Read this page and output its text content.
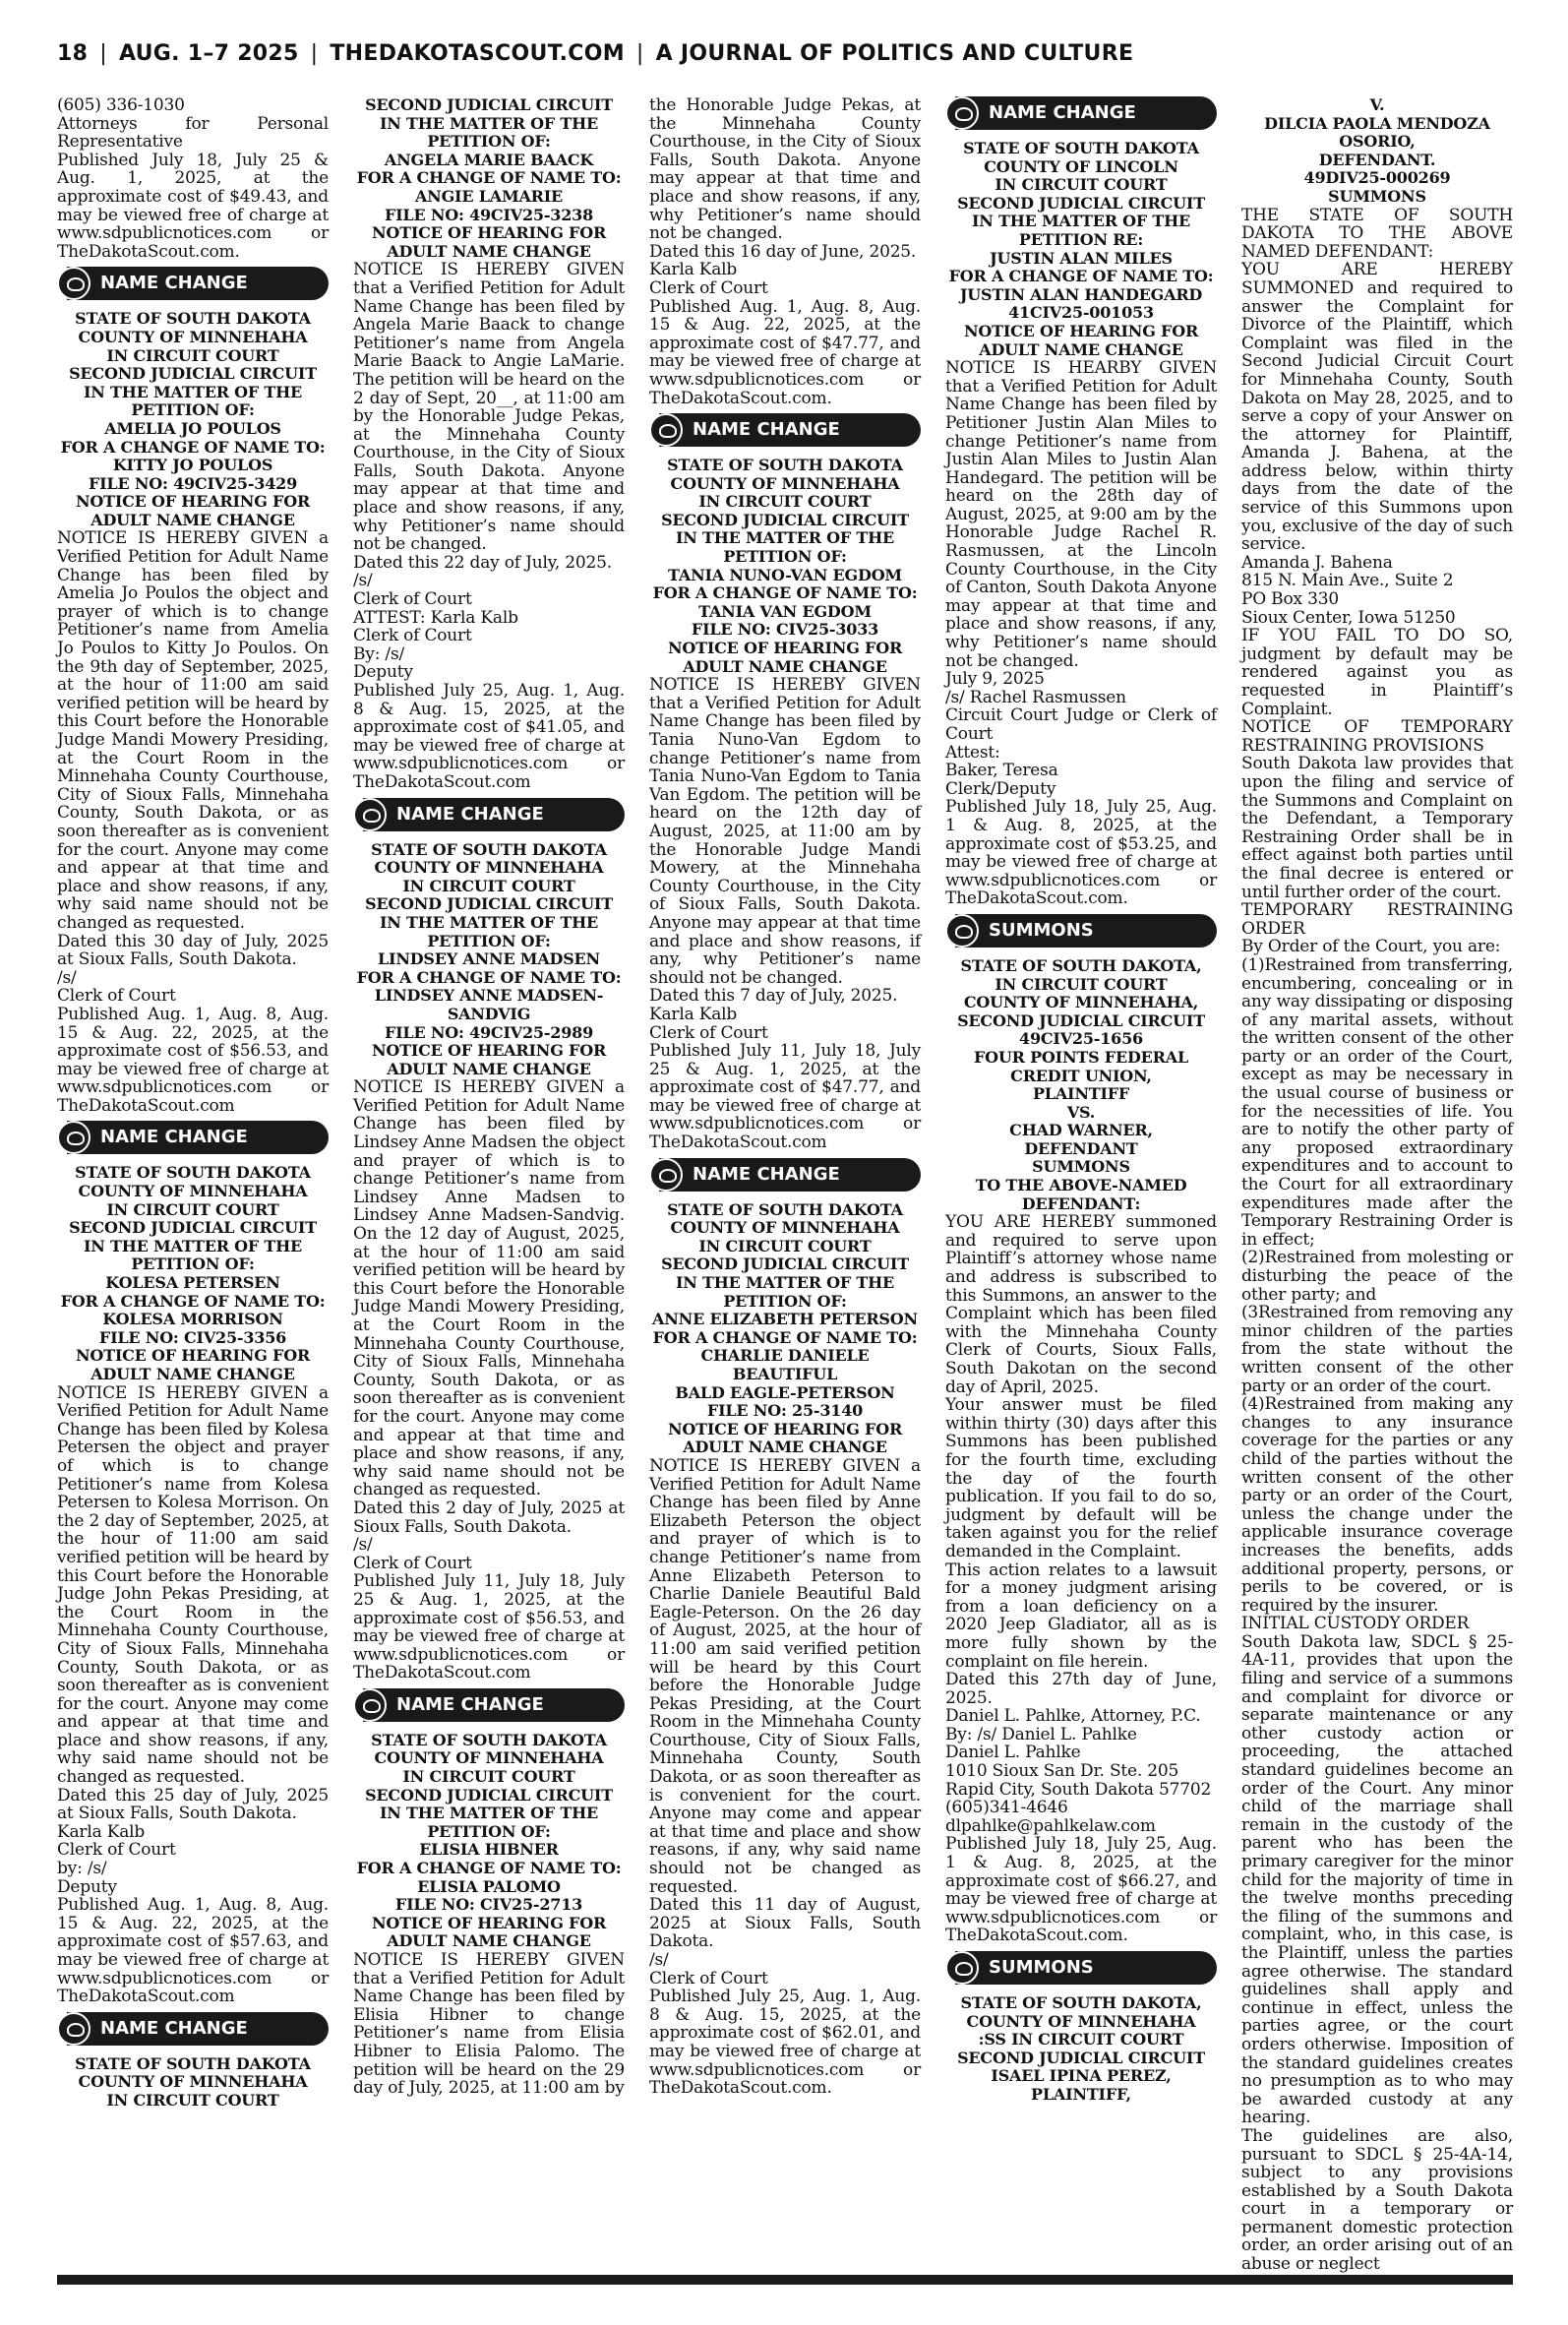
18 | AUG. 1–7 2025 | THEDAKOTASCOUT.COM | A JOURNAL OF POLITICS AND CULTURE

(605) 336-1030
Attorneys for Personal Representative
Published July 18, July 25 & Aug. 1, 2025, at the approximate cost of $49.43, and may be viewed free of charge at www.sdpublicnotices.com or TheDakotaScout.com.

NAME CHANGE

STATE OF SOUTH DAKOTA
COUNTY OF MINNEHAHA
IN CIRCUIT COURT
SECOND JUDICIAL CIRCUIT
IN THE MATTER OF THE PETITION OF:
AMELIA JO POULOS
FOR A CHANGE OF NAME TO:
KITTY JO POULOS
FILE NO: 49CIV25-3429
NOTICE OF HEARING FOR ADULT NAME CHANGE

NOTICE IS HEREBY GIVEN a Verified Petition for Adult Name Change has been filed by Amelia Jo Poulos the object and prayer of which is to change Petitioner’s name from Amelia Jo Poulos to Kitty Jo Poulos. On the 9th day of September, 2025, at the hour of 11:00 am said verified petition will be heard by this Court before the Honorable Judge Mandi Mowery Presiding, at the Court Room in the Minnehaha County Courthouse, City of Sioux Falls, Minnehaha County, South Dakota, or as soon thereafter as is convenient for the court. Anyone may come and appear at that time and place and show reasons, if any, why said name should not be changed as requested.
Dated this 30 day of July, 2025 at Sioux Falls, South Dakota.
/s/
Clerk of Court
Published Aug. 1, Aug. 8, Aug. 15 & Aug. 22, 2025, at the approximate cost of $56.53, and may be viewed free of charge at www.sdpublicnotices.com or TheDakotaScout.com

NAME CHANGE

STATE OF SOUTH DAKOTA
COUNTY OF MINNEHAHA
IN CIRCUIT COURT
SECOND JUDICIAL CIRCUIT
IN THE MATTER OF THE PETITION OF:
KOLESA PETERSEN
FOR A CHANGE OF NAME TO:
KOLESA MORRISON
FILE NO: CIV25-3356
NOTICE OF HEARING FOR ADULT NAME CHANGE

NOTICE IS HEREBY GIVEN a Verified Petition for Adult Name Change has been filed by Kolesa Petersen the object and prayer of which is to change Petitioner’s name from Kolesa Petersen to Kolesa Morrison. On the 2 day of September, 2025, at the hour of 11:00 am said verified petition will be heard by this Court before the Honorable Judge John Pekas Presiding, at the Court Room in the Minnehaha County Courthouse, City of Sioux Falls, Minnehaha County, South Dakota, or as soon thereafter as is convenient for the court. Anyone may come and appear at that time and place and show reasons, if any, why said name should not be changed as requested.
Dated this 25 day of July, 2025 at Sioux Falls, South Dakota.
Karla Kalb
Clerk of Court
by: /s/
Deputy
Published Aug. 1, Aug. 8, Aug. 15 & Aug. 22, 2025, at the approximate cost of $57.63, and may be viewed free of charge at www.sdpublicnotices.com or TheDakotaScout.com

NAME CHANGE

STATE OF SOUTH DAKOTA
COUNTY OF MINNEHAHA
IN CIRCUIT COURT

SECOND JUDICIAL CIRCUIT
IN THE MATTER OF THE PETITION OF:
ANGELA MARIE BAACK
FOR A CHANGE OF NAME TO:
ANGIE LAMARIE
FILE NO: 49CIV25-3238
NOTICE OF HEARING FOR ADULT NAME CHANGE

NOTICE IS HEREBY GIVEN that a Verified Petition for Adult Name Change has been filed by Angela Marie Baack to change Petitioner’s name from Angela Marie Baack to Angie LaMarie. The petition will be heard on the 2 day of Sept, 20__, at 11:00 am by the Honorable Judge Pekas, at the Minnehaha County Courthouse, in the City of Sioux Falls, South Dakota. Anyone may appear at that time and place and show reasons, if any, why Petitioner’s name should not be changed.
Dated this 22 day of July, 2025.
/s/
Clerk of Court
ATTEST: Karla Kalb
Clerk of Court
By: /s/
Deputy
Published July 25, Aug. 1, Aug. 8 & Aug. 15, 2025, at the approximate cost of $41.05, and may be viewed free of charge at www.sdpublicnotices.com or TheDakotaScout.com

NAME CHANGE

STATE OF SOUTH DAKOTA
COUNTY OF MINNEHAHA
IN CIRCUIT COURT
SECOND JUDICIAL CIRCUIT
IN THE MATTER OF THE PETITION OF:
LINDSEY ANNE MADSEN
FOR A CHANGE OF NAME TO:
LINDSEY ANNE MADSEN-SANDVIG
FILE NO: 49CIV25-2989
NOTICE OF HEARING FOR ADULT NAME CHANGE

NOTICE IS HEREBY GIVEN a Verified Petition for Adult Name Change has been filed by Lindsey Anne Madsen the object and prayer of which is to change Petitioner’s name from Lindsey Anne Madsen to Lindsey Anne Madsen-Sandvig. On the 12 day of August, 2025, at the hour of 11:00 am said verified petition will be heard by this Court before the Honorable Judge Mandi Mowery Presiding, at the Court Room in the Minnehaha County Courthouse, City of Sioux Falls, Minnehaha County, South Dakota, or as soon thereafter as is convenient for the court. Anyone may come and appear at that time and place and show reasons, if any, why said name should not be changed as requested.
Dated this 2 day of July, 2025 at Sioux Falls, South Dakota.
/s/
Clerk of Court
Published July 11, July 18, July 25 & Aug. 1, 2025, at the approximate cost of $56.53, and may be viewed free of charge at www.sdpublicnotices.com or TheDakotaScout.com

NAME CHANGE

STATE OF SOUTH DAKOTA
COUNTY OF MINNEHAHA
IN CIRCUIT COURT
SECOND JUDICIAL CIRCUIT
IN THE MATTER OF THE PETITION OF:
ELISIA HIBNER
FOR A CHANGE OF NAME TO:
ELISIA PALOMO
FILE NO: CIV25-2713
NOTICE OF HEARING FOR ADULT NAME CHANGE

NOTICE IS HEREBY GIVEN that a Verified Petition for Adult Name Change has been filed by Elisia Hibner to change Petitioner’s name from Elisia Hibner to Elisia Palomo. The petition will be heard on the 29 day of July, 2025, at 11:00 am by

the Honorable Judge Pekas, at the Minnehaha County Courthouse, in the City of Sioux Falls, South Dakota. Anyone may appear at that time and place and show reasons, if any, why Petitioner’s name should not be changed.
Dated this 16 day of June, 2025.
Karla Kalb
Clerk of Court
Published Aug. 1, Aug. 8, Aug. 15 & Aug. 22, 2025, at the approximate cost of $47.77, and may be viewed free of charge at www.sdpublicnotices.com or TheDakotaScout.com.

NAME CHANGE

STATE OF SOUTH DAKOTA
COUNTY OF MINNEHAHA
IN CIRCUIT COURT
SECOND JUDICIAL CIRCUIT
IN THE MATTER OF THE PETITION OF:
TANIA NUNO-VAN EGDOM
FOR A CHANGE OF NAME TO:
TANIA VAN EGDOM
FILE NO: CIV25-3033
NOTICE OF HEARING FOR ADULT NAME CHANGE

NOTICE IS HEREBY GIVEN that a Verified Petition for Adult Name Change has been filed by Tania Nuno-Van Egdom to change Petitioner’s name from Tania Nuno-Van Egdom to Tania Van Egdom. The petition will be heard on the 12th day of August, 2025, at 11:00 am by the Honorable Judge Mandi Mowery, at the Minnehaha County Courthouse, in the City of Sioux Falls, South Dakota. Anyone may appear at that time and place and show reasons, if any, why Petitioner’s name should not be changed.
Dated this 7 day of July, 2025.
Karla Kalb
Clerk of Court
Published July 11, July 18, July 25 & Aug. 1, 2025, at the approximate cost of $47.77, and may be viewed free of charge at www.sdpublicnotices.com or TheDakotaScout.com

NAME CHANGE

STATE OF SOUTH DAKOTA
COUNTY OF MINNEHAHA
IN CIRCUIT COURT
SECOND JUDICIAL CIRCUIT
IN THE MATTER OF THE PETITION OF:
ANNE ELIZABETH PETERSON
FOR A CHANGE OF NAME TO:
CHARLIE DANIELE BEAUTIFUL
BALD EAGLE-PETERSON
FILE NO: 25-3140
NOTICE OF HEARING FOR ADULT NAME CHANGE

NOTICE IS HEREBY GIVEN a Verified Petition for Adult Name Change has been filed by Anne Elizabeth Peterson the object and prayer of which is to change Petitioner’s name from Anne Elizabeth Peterson to Charlie Daniele Beautiful Bald Eagle-Peterson. On the 26 day of August, 2025, at the hour of 11:00 am said verified petition will be heard by this Court before the Honorable Judge Pekas Presiding, at the Court Room in the Minnehaha County Courthouse, City of Sioux Falls, Minnehaha County, South Dakota, or as soon thereafter as is convenient for the court. Anyone may come and appear at that time and place and show reasons, if any, why said name should not be changed as requested.
Dated this 11 day of August, 2025 at Sioux Falls, South Dakota.
/s/
Clerk of Court
Published July 25, Aug. 1, Aug. 8 & Aug. 15, 2025, at the approximate cost of $62.01, and may be viewed free of charge at www.sdpublicnotices.com or TheDakotaScout.com.

NAME CHANGE

STATE OF SOUTH DAKOTA
COUNTY OF LINCOLN
IN CIRCUIT COURT
SECOND JUDICIAL CIRCUIT
IN THE MATTER OF THE PETITION RE:
JUSTIN ALAN MILES
FOR A CHANGE OF NAME TO:
JUSTIN ALAN HANDEGARD
41CIV25-001053
NOTICE OF HEARING FOR ADULT NAME CHANGE

NOTICE IS HEARBY GIVEN that a Verified Petition for Adult Name Change has been filed by Petitioner Justin Alan Miles to change Petitioner’s name from Justin Alan Miles to Justin Alan Handegard. The petition will be heard on the 28th day of August, 2025, at 9:00 am by the Honorable Judge Rachel R. Rasmussen, at the Lincoln County Courthouse, in the City of Canton, South Dakota Anyone may appear at that time and place and show reasons, if any, why Petitioner’s name should not be changed.
July 9, 2025
/s/ Rachel Rasmussen
Circuit Court Judge or Clerk of Court
Attest:
Baker, Teresa
Clerk/Deputy
Published July 18, July 25, Aug. 1 & Aug. 8, 2025, at the approximate cost of $53.25, and may be viewed free of charge at www.sdpublicnotices.com or TheDakotaScout.com.

SUMMONS

STATE OF SOUTH DAKOTA,
IN CIRCUIT COURT
COUNTY OF MINNEHAHA,
SECOND JUDICIAL CIRCUIT
49CIV25-1656
FOUR POINTS FEDERAL CREDIT UNION,
PLAINTIFF
VS.
CHAD WARNER,
DEFENDANT
SUMMONS
TO THE ABOVE-NAMED DEFENDANT:

YOU ARE HEREBY summoned and required to serve upon Plaintiff’s attorney whose name and address is subscribed to this Summons, an answer to the Complaint which has been filed with the Minnehaha County Clerk of Courts, Sioux Falls, South Dakotan on the second day of April, 2025.
Your answer must be filed within thirty (30) days after this Summons has been published for the fourth time, excluding the day of the fourth publication. If you fail to do so, judgment by default will be taken against you for the relief demanded in the Complaint.
This action relates to a lawsuit for a money judgment arising from a loan deficiency on a 2020 Jeep Gladiator, all as is more fully shown by the complaint on file herein.
Dated this 27th day of June, 2025.
Daniel L. Pahlke, Attorney, P.C.
By: /s/ Daniel L. Pahlke
Daniel L. Pahlke
1010 Sioux San Dr. Ste. 205
Rapid City, South Dakota 57702
(605)341-4646
dlpahlke@pahlkelaw.com
Published July 18, July 25, Aug. 1 & Aug. 8, 2025, at the approximate cost of $66.27, and may be viewed free of charge at www.sdpublicnotices.com or TheDakotaScout.com.

SUMMONS

STATE OF SOUTH DAKOTA,
COUNTY OF MINNEHAHA
:SS IN CIRCUIT COURT
SECOND JUDICIAL CIRCUIT
ISAEL IPINA PEREZ,
PLAINTIFF,

V.
DILCIA PAOLA MENDOZA OSORIO,
DEFENDANT.
49DIV25-000269
SUMMONS

THE STATE OF SOUTH DAKOTA TO THE ABOVE NAMED DEFENDANT:
YOU ARE HEREBY SUMMONED and required to answer the Complaint for Divorce of the Plaintiff, which Complaint was filed in the Second Judicial Circuit Court for Minnehaha County, South Dakota on May 28, 2025, and to serve a copy of your Answer on the attorney for Plaintiff, Amanda J. Bahena, at the address below, within thirty days from the date of the service of this Summons upon you, exclusive of the day of such service.
Amanda J. Bahena
815 N. Main Ave., Suite 2
PO Box 330
Sioux Center, Iowa 51250
IF YOU FAIL TO DO SO, judgment by default may be rendered against you as requested in Plaintiff’s Complaint.
NOTICE OF TEMPORARY RESTRAINING PROVISIONS
South Dakota law provides that upon the filing and service of the Summons and Complaint on the Defendant, a Temporary Restraining Order shall be in effect against both parties until the final decree is entered or until further order of the court.
TEMPORARY RESTRAINING ORDER
By Order of the Court, you are:
(1)Restrained from transferring, encumbering, concealing or in any way dissipating or disposing of any marital assets, without the written consent of the other party or an order of the Court, except as may be necessary in the usual course of business or for the necessities of life. You are to notify the other party of any proposed extraordinary expenditures and to account to the Court for all extraordinary expenditures made after the Temporary Restraining Order is in effect;
(2)Restrained from molesting or disturbing the peace of the other party; and
(3Restrained from removing any minor children of the parties from the state without the written consent of the other party or an order of the court.
(4)Restrained from making any changes to any insurance coverage for the parties or any child of the parties without the written consent of the other party or an order of the Court, unless the change under the applicable insurance coverage increases the benefits, adds additional property, persons, or perils to be covered, or is required by the insurer.
INITIAL CUSTODY ORDER
South Dakota law, SDCL § 25-4A-11, provides that upon the filing and service of a summons and complaint for divorce or separate maintenance or any other custody action or proceeding, the attached standard guidelines become an order of the Court. Any minor child of the marriage shall remain in the custody of the parent who has been the primary caregiver for the minor child for the majority of time in the twelve months preceding the filing of the summons and complaint, who, in this case, is the Plaintiff, unless the parties agree otherwise. The standard guidelines shall apply and continue in effect, unless the parties agree, or the court orders otherwise. Imposition of the standard guidelines creates no presumption as to who may be awarded custody at any hearing.
The guidelines are also, pursuant to SDCL § 25-4A-14, subject to any provisions established by a South Dakota court in a temporary or permanent domestic protection order, an order arising out of an abuse or neglect
